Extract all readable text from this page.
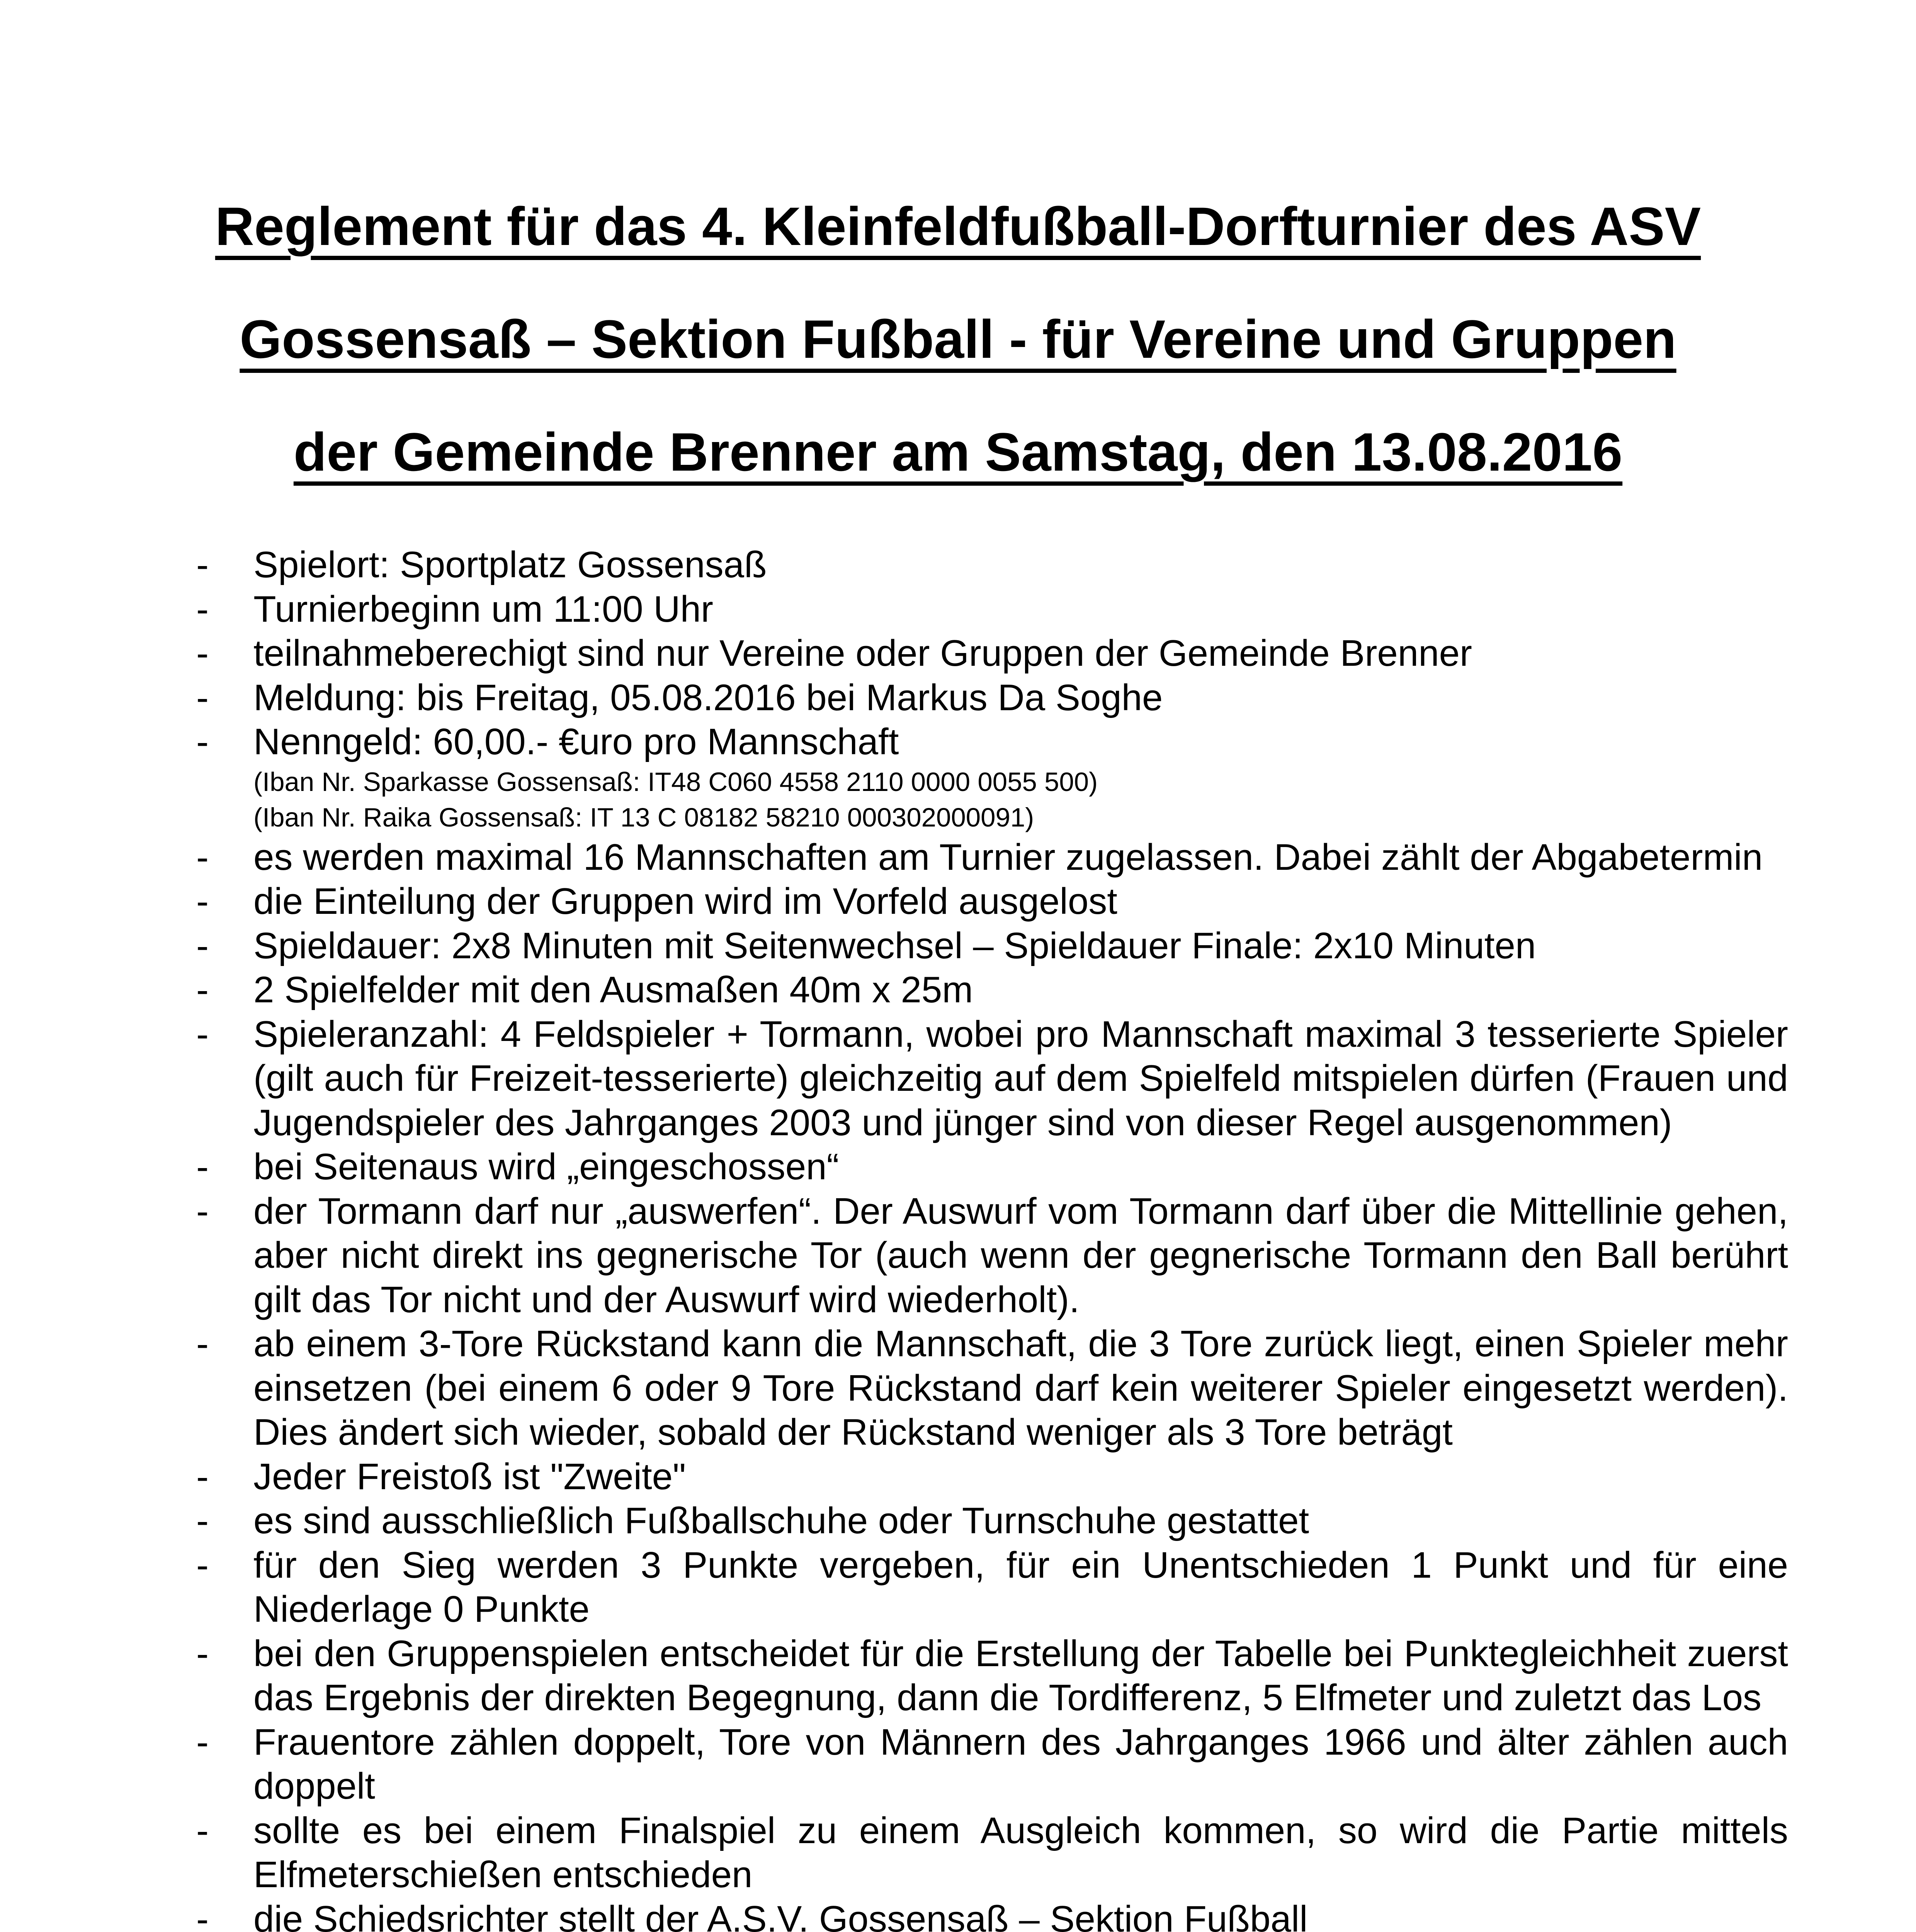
Reglement für das 4. Kleinfeldfußball-Dorfturnier des ASV
Gossensaß – Sektion Fußball - für Vereine und Gruppen
der Gemeinde Brenner am Samstag, den 13.08.2016
- Spielort: Sportplatz Gossensaß
- Turnierbeginn um 11:00 Uhr
- teilnahmeberechigt sind nur Vereine oder Gruppen der Gemeinde Brenner
- Meldung: bis Freitag, 05.08.2016 bei Markus Da Soghe
- Nenngeld: 60,00.- €uro pro Mannschaft
(Iban Nr. Sparkasse Gossensaß: IT48 C060 4558 2110 0000 0055 500)
(Iban Nr. Raika Gossensaß: IT 13 C 08182 58210 000302000091)
- es werden maximal 16 Mannschaften am Turnier zugelassen. Dabei zählt der Abgabetermin
- die Einteilung der Gruppen wird im Vorfeld ausgelost
- Spieldauer: 2x8 Minuten mit Seitenwechsel – Spieldauer Finale: 2x10 Minuten
- 2 Spielfelder mit den Ausmaßen 40m x 25m
- Spieleranzahl: 4 Feldspieler + Tormann, wobei pro Mannschaft maximal 3 tesserierte Spieler (gilt auch für Freizeit-tesserierte) gleichzeitig auf dem Spielfeld mitspielen dürfen (Frauen und Jugendspieler des Jahrganges 2003 und jünger sind von dieser Regel ausgenommen)
- bei Seitenaus wird „eingeschossen“
- der Tormann darf nur „auswerfen“. Der Auswurf vom Tormann darf über die Mittellinie gehen, aber nicht direkt ins gegnerische Tor (auch wenn der gegnerische Tormann den Ball berührt gilt das Tor nicht und der Auswurf wird wiederholt).
- ab einem 3-Tore Rückstand kann die Mannschaft, die 3 Tore zurück liegt, einen Spieler mehr einsetzen (bei einem 6 oder 9 Tore Rückstand darf kein weiterer Spieler eingesetzt werden). Dies ändert sich wieder, sobald der Rückstand weniger als 3 Tore beträgt
- Jeder Freistoß ist "Zweite"
- es sind ausschließlich Fußballschuhe oder Turnschuhe gestattet
- für den Sieg werden 3 Punkte vergeben, für ein Unentschieden 1 Punkt und für eine Niederlage 0 Punkte
- bei den Gruppenspielen entscheidet für die Erstellung der Tabelle bei Punktegleichheit zuerst das Ergebnis der direkten Begegnung, dann die Tordifferenz, 5 Elfmeter und zuletzt das Los
- Frauentore zählen doppelt, Tore von Männern des Jahrganges 1966 und älter zählen auch doppelt
- sollte es bei einem Finalspiel zu einem Ausgleich kommen, so wird die Partie mittels Elfmeterschießen entschieden
- die Schiedsrichter stellt der A.S.V. Gossensaß – Sektion Fußball
